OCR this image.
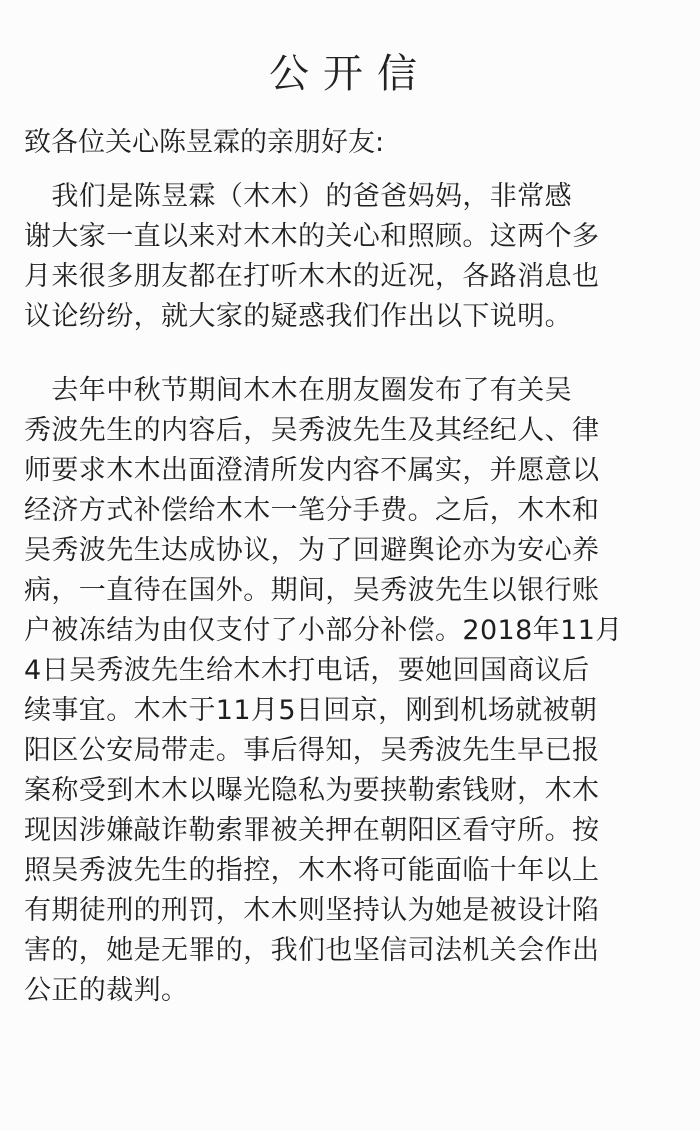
公开信
致各位关心陈昱霖的亲朋好友:
　我们是陈昱霖（木木）的爸爸妈妈，非常感
谢大家一直以来对木木的关心和照顾。这两个多
月来很多朋友都在打听木木的近况，各路消息也
议论纷纷，就大家的疑惑我们作出以下说明。
　去年中秋节期间木木在朋友圈发布了有关吴
秀波先生的内容后，吴秀波先生及其经纪人、律
师要求木木出面澄清所发内容不属实，并愿意以
经济方式补偿给木木一笔分手费。之后，木木和
吴秀波先生达成协议，为了回避舆论亦为安心养
病，一直待在国外。期间，吴秀波先生以银行账
户被冻结为由仅支付了小部分补偿。2018年11月
4日吴秀波先生给木木打电话，要她回国商议后
续事宜。木木于11月5日回京，刚到机场就被朝
阳区公安局带走。事后得知，吴秀波先生早已报
案称受到木木以曝光隐私为要挟勒索钱财，木木
现因涉嫌敲诈勒索罪被关押在朝阳区看守所。按
照吴秀波先生的指控，木木将可能面临十年以上
有期徒刑的刑罚，木木则坚持认为她是被设计陷
害的，她是无罪的，我们也坚信司法机关会作出
公正的裁判。
